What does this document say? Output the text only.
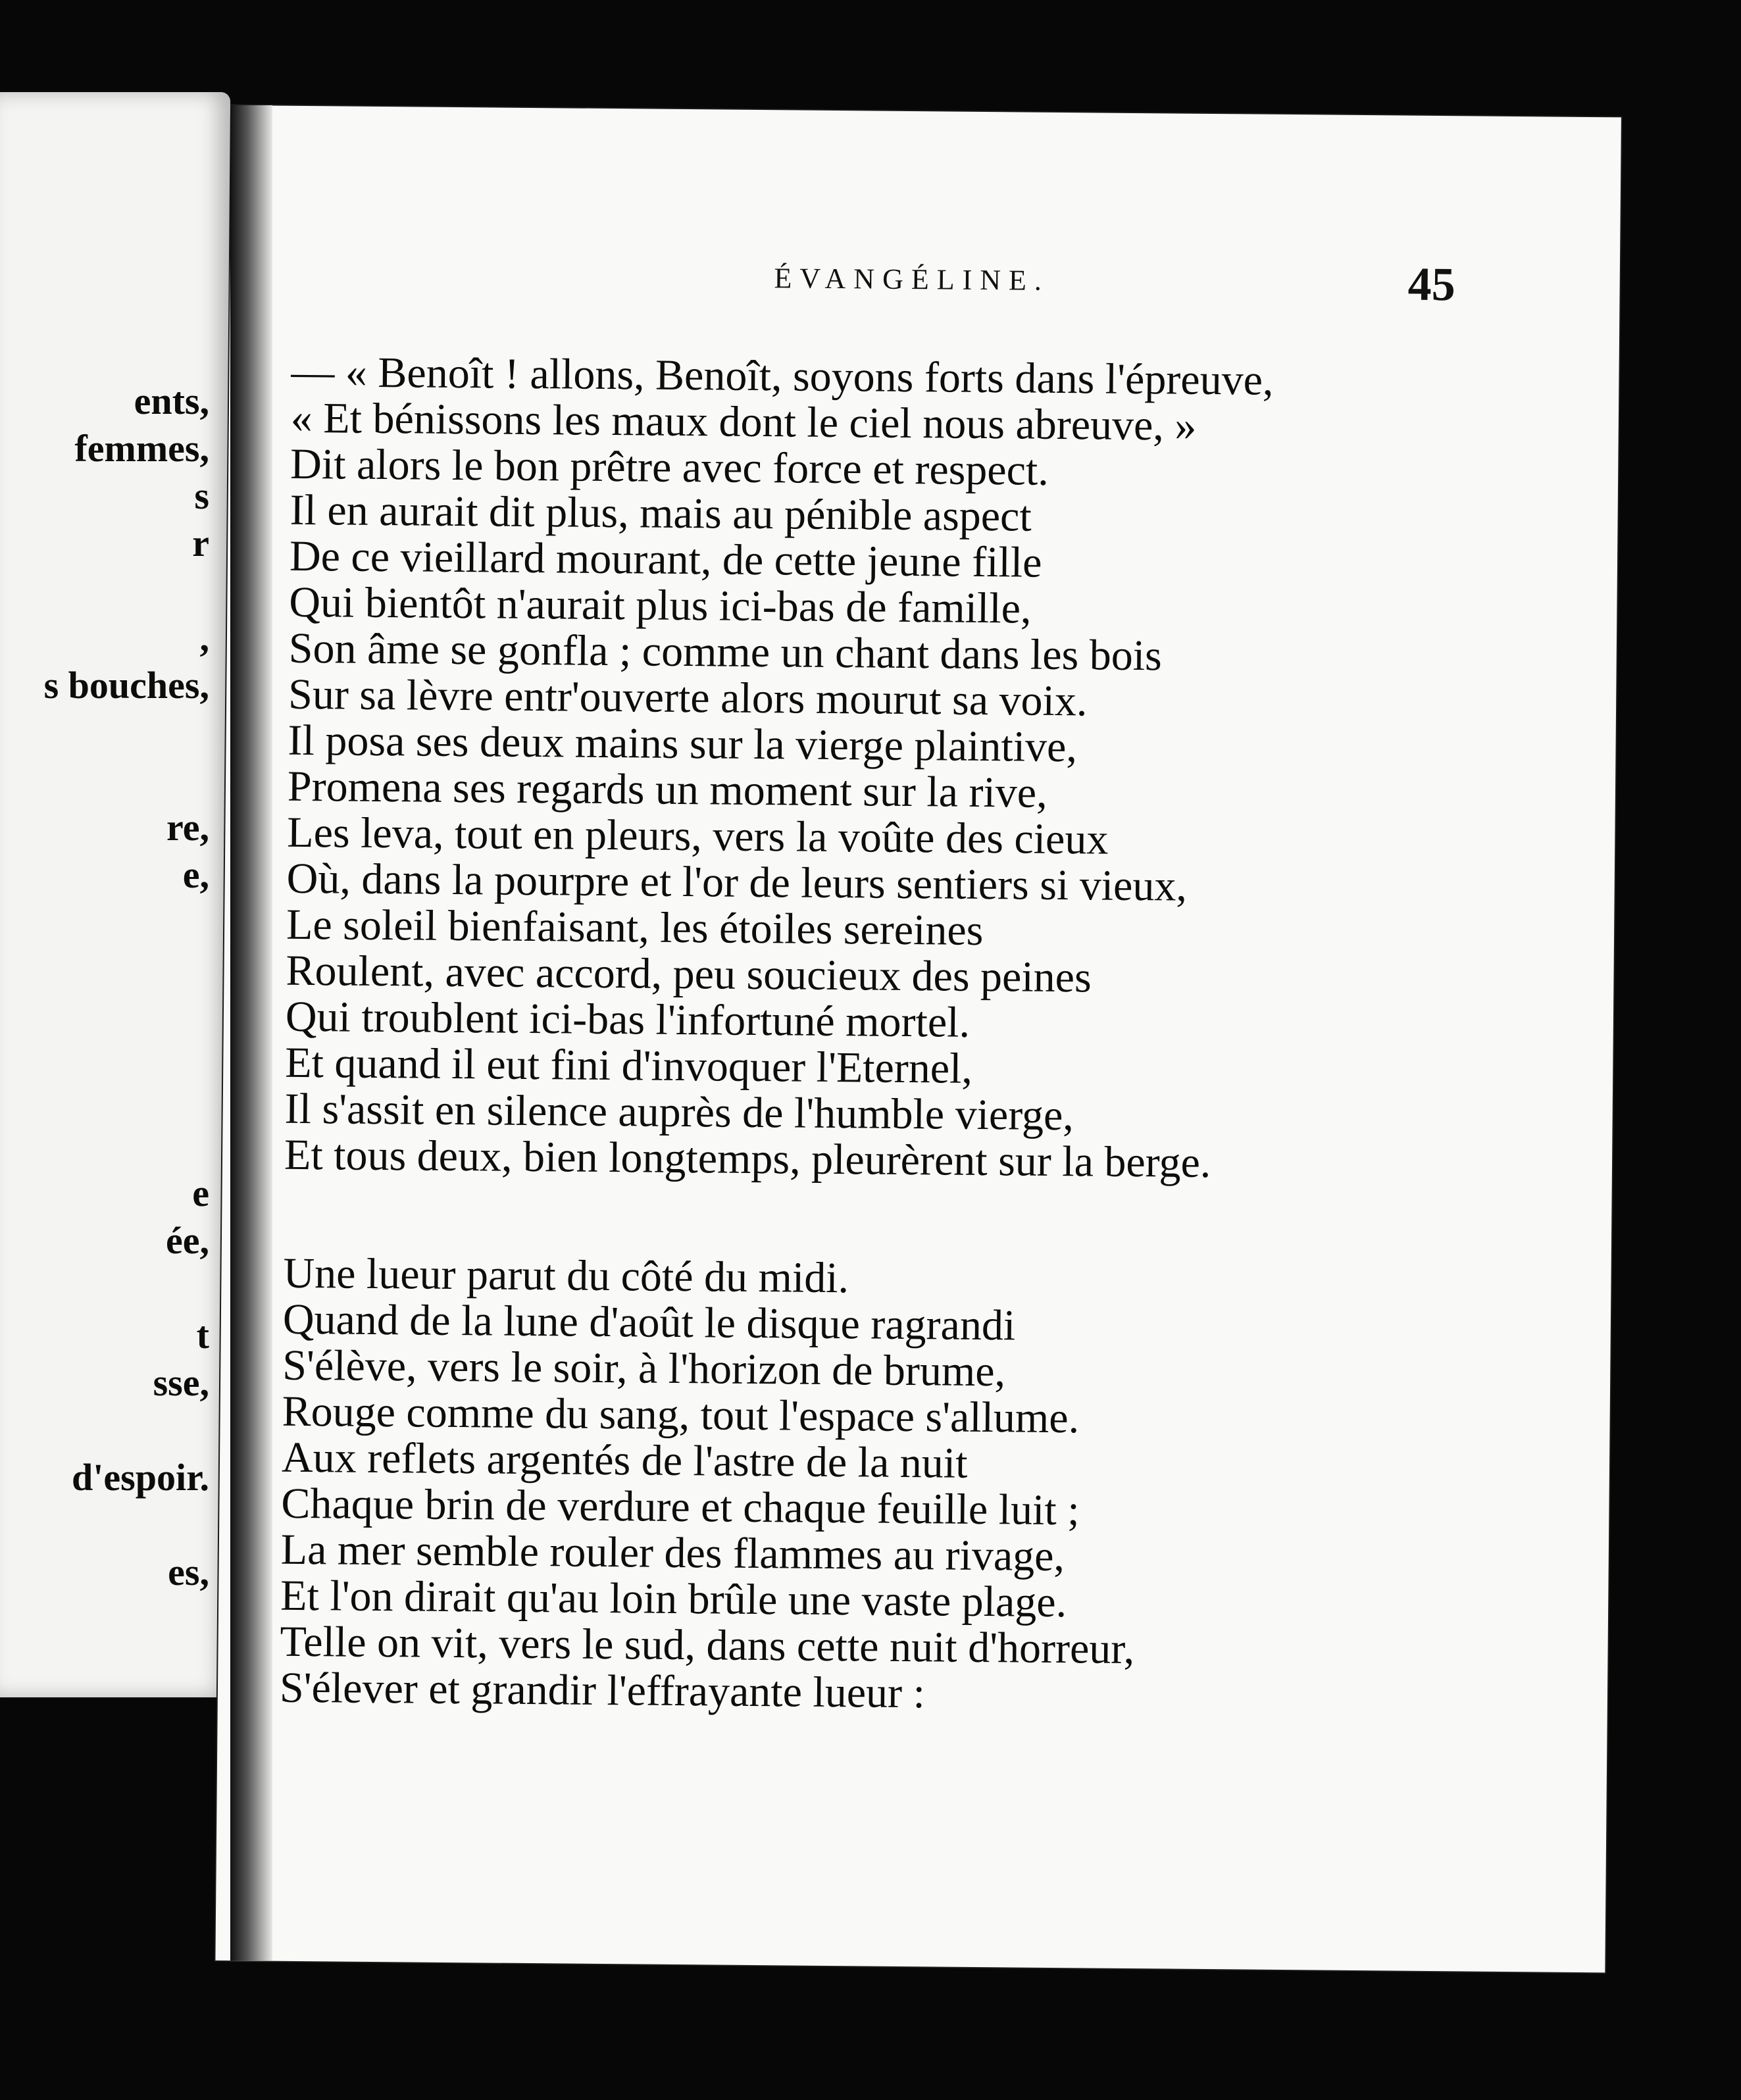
ents,
femmes,
s
r
,
s bouches,
re,
e,
e
ée,
t
sse,
d'espoir.
es,
ÉVANGÉLINE.	45
— « Benoît ! allons, Benoît, soyons forts dans l'épreuve,
« Et bénissons les maux dont le ciel nous abreuve, »
Dit alors le bon prêtre avec force et respect.
Il en aurait dit plus, mais au pénible aspect
De ce vieillard mourant, de cette jeune fille
Qui bientôt n'aurait plus ici-bas de famille,
Son âme se gonfla ; comme un chant dans les bois
Sur sa lèvre entr'ouverte alors mourut sa voix.
Il posa ses deux mains sur la vierge plaintive,
Promena ses regards un moment sur la rive,
Les leva, tout en pleurs, vers la voûte des cieux
Où, dans la pourpre et l'or de leurs sentiers si vieux,
Le soleil bienfaisant, les étoiles sereines
Roulent, avec accord, peu soucieux des peines
Qui troublent ici-bas l'infortuné mortel.
Et quand il eut fini d'invoquer l'Eternel,
Il s'assit en silence auprès de l'humble vierge,
Et tous deux, bien longtemps, pleurèrent sur la berge.
Une lueur parut du côté du midi.
Quand de la lune d'août le disque ragrandi
S'élève, vers le soir, à l'horizon de brume,
Rouge comme du sang, tout l'espace s'allume.
Aux reflets argentés de l'astre de la nuit
Chaque brin de verdure et chaque feuille luit ;
La mer semble rouler des flammes au rivage,
Et l'on dirait qu'au loin brûle une vaste plage.
Telle on vit, vers le sud, dans cette nuit d'horreur,
S'élever et grandir l'effrayante lueur :
